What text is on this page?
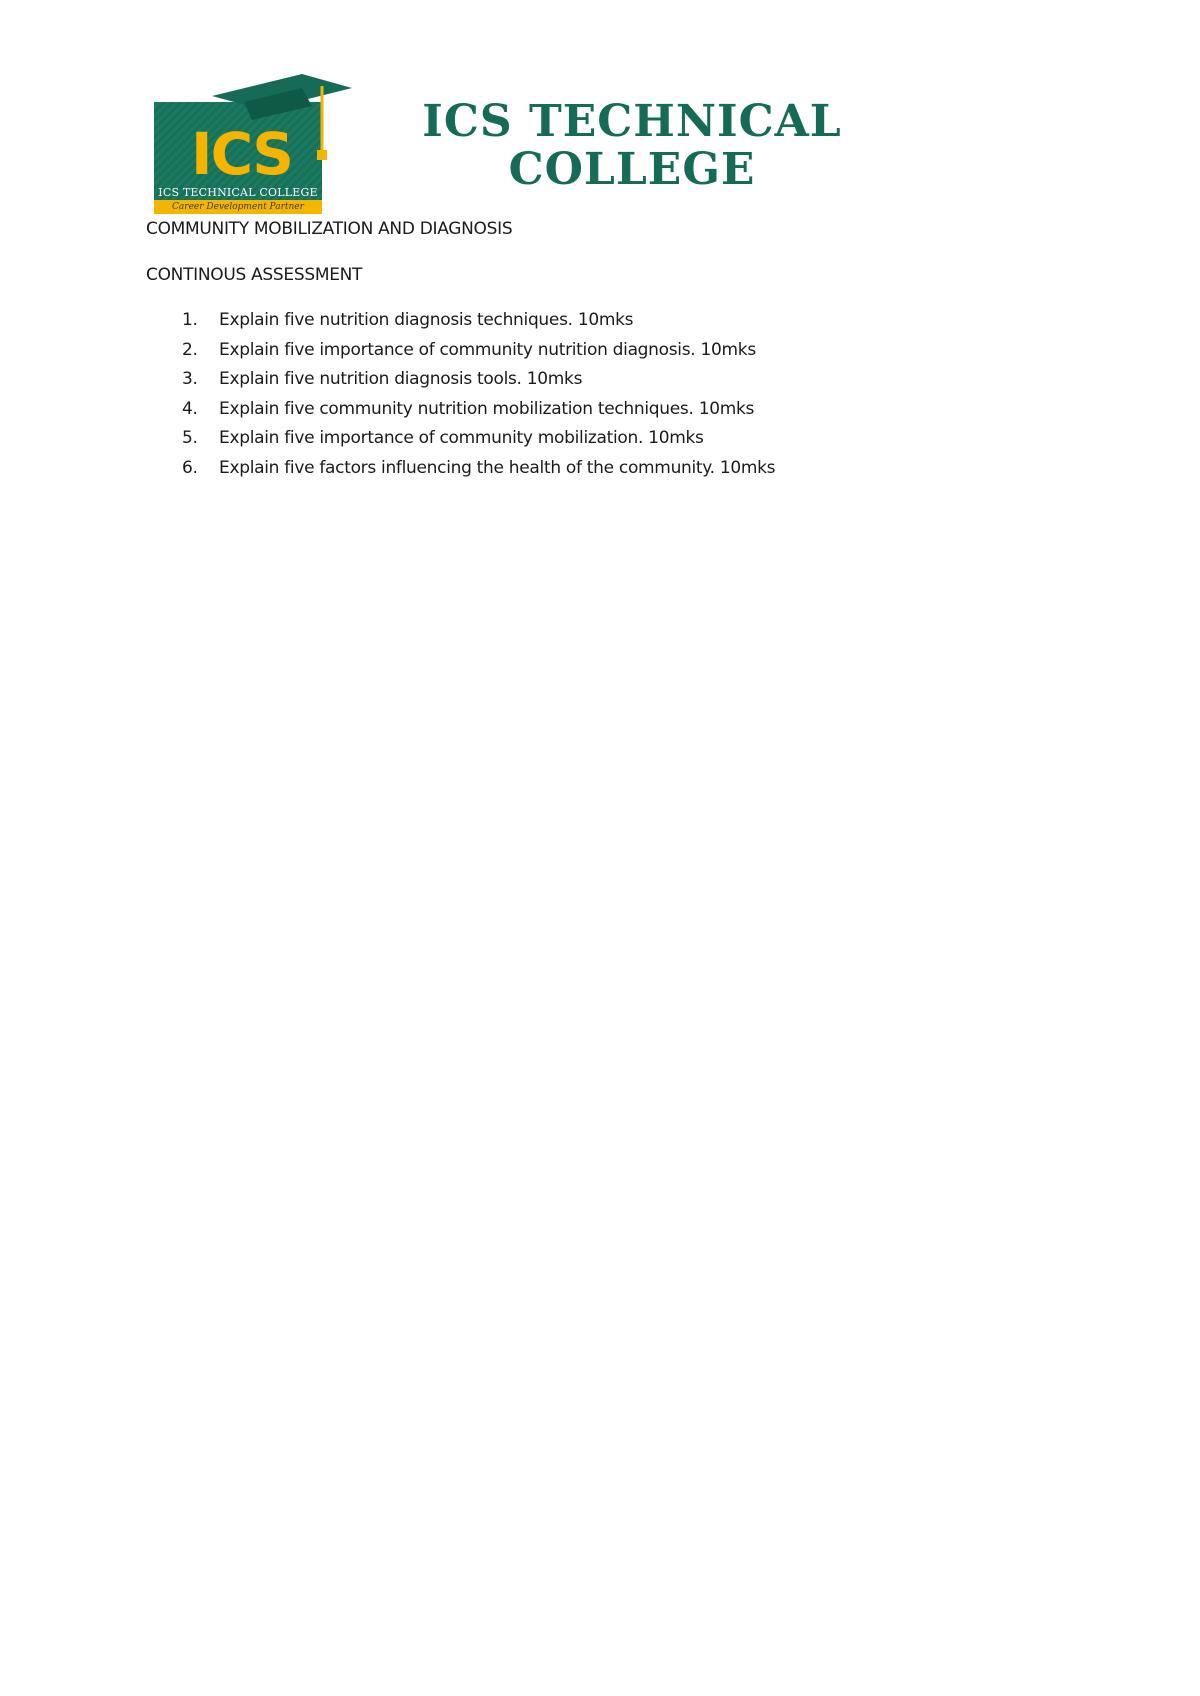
ICS
ICS TECHNICAL COLLEGE
Career Development Partner
ICS TECHNICAL
COLLEGE
COMMUNITY MOBILIZATION AND DIAGNOSIS
CONTINOUS ASSESSMENT
1.	Explain five nutrition diagnosis techniques. 10mks
2.	Explain five importance of community nutrition diagnosis. 10mks
3.	Explain five nutrition diagnosis tools. 10mks
4.	Explain five community nutrition mobilization techniques. 10mks
5.	Explain five importance of community mobilization. 10mks
6.	Explain five factors influencing the health of the community. 10mks
